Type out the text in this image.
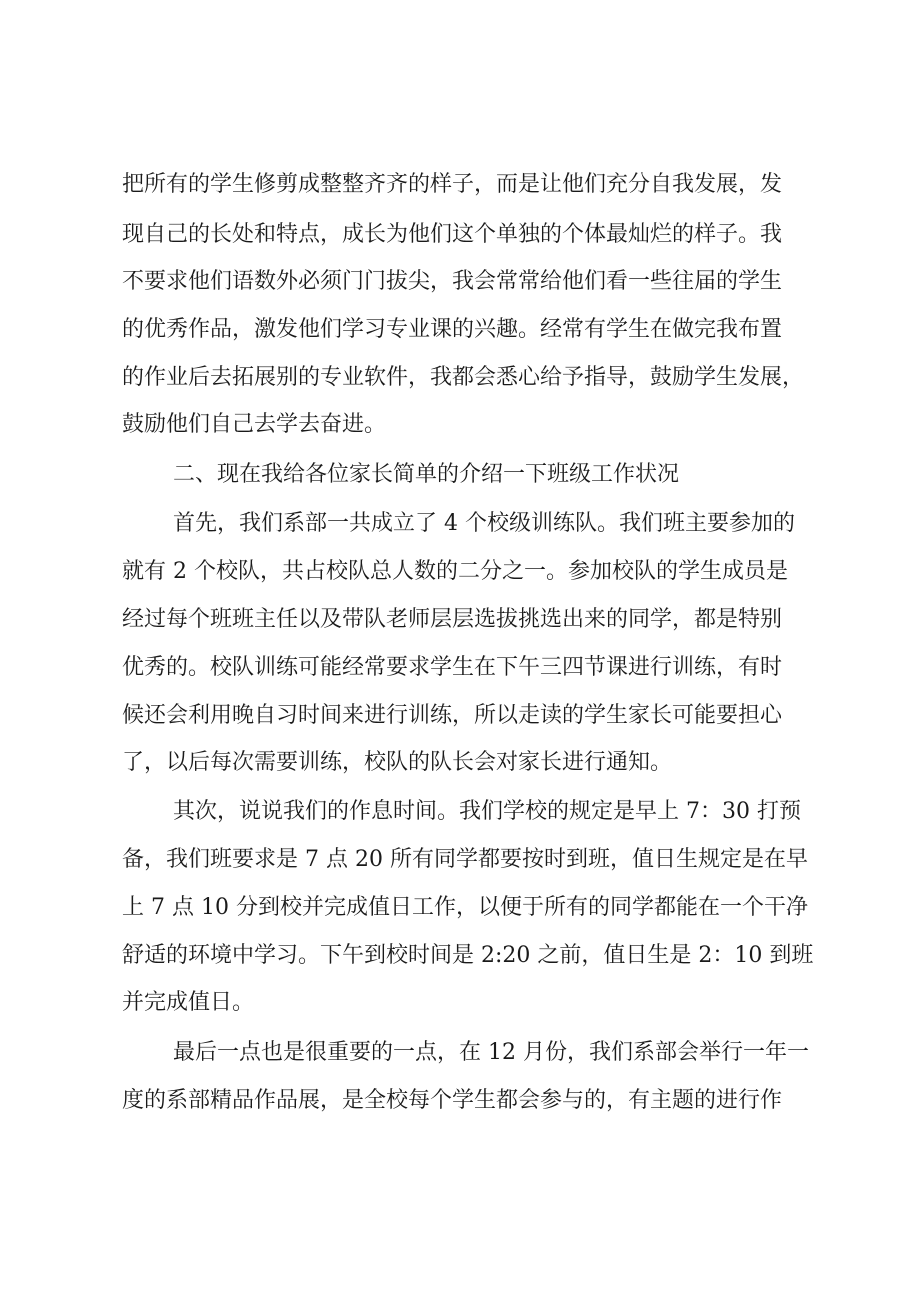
把所有的学生修剪成整整齐齐的样子，而是让他们充分自我发展，发
现自己的长处和特点，成长为他们这个单独的个体最灿烂的样子。我
不要求他们语数外必须门门拔尖，我会常常给他们看一些往届的学生
的优秀作品，激发他们学习专业课的兴趣。经常有学生在做完我布置
的作业后去拓展别的专业软件，我都会悉心给予指导，鼓励学生发展，
鼓励他们自己去学去奋进。
二、现在我给各位家长简单的介绍一下班级工作状况
首先，我们系部一共成立了 4 个校级训练队。我们班主要参加的
就有 2 个校队，共占校队总人数的二分之一。参加校队的学生成员是
经过每个班班主任以及带队老师层层选拔挑选出来的同学，都是特别
优秀的。校队训练可能经常要求学生在下午三四节课进行训练，有时
候还会利用晚自习时间来进行训练，所以走读的学生家长可能要担心
了，以后每次需要训练，校队的队长会对家长进行通知。
其次，说说我们的作息时间。我们学校的规定是早上 7：30 打预
备，我们班要求是 7 点 20 所有同学都要按时到班，值日生规定是在早
上 7 点 10 分到校并完成值日工作，以便于所有的同学都能在一个干净
舒适的环境中学习。下午到校时间是 2:20 之前，值日生是 2：10 到班
并完成值日。
最后一点也是很重要的一点，在 12 月份，我们系部会举行一年一
度的系部精品作品展，是全校每个学生都会参与的，有主题的进行作
